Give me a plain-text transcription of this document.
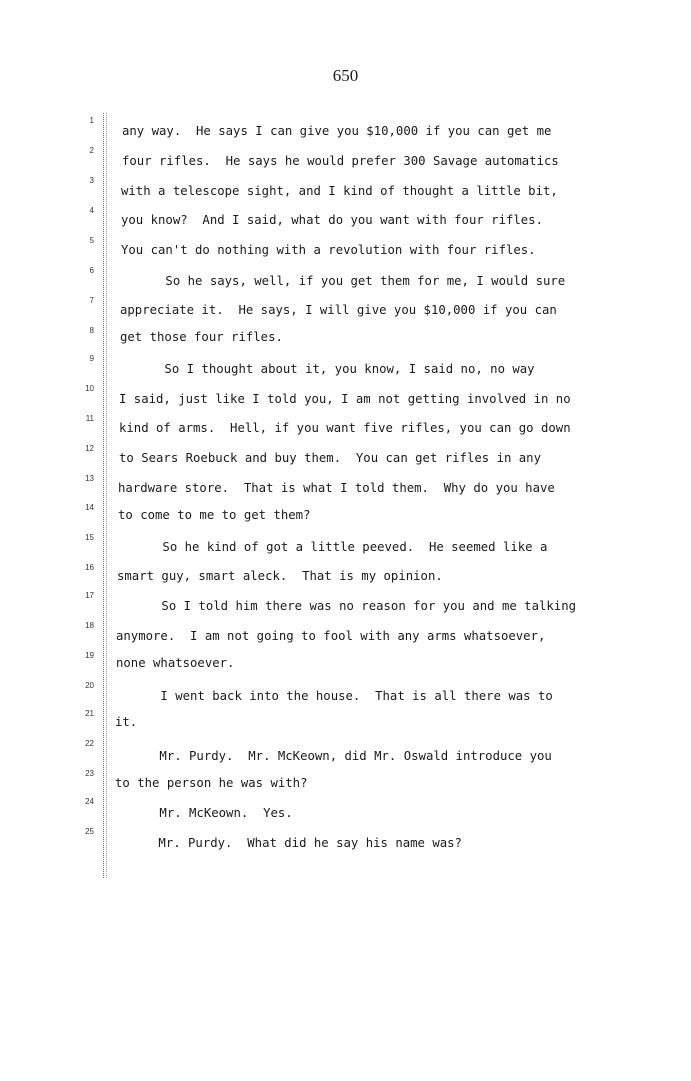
650
1
2
3
4
5
6
7
8
9
10
11
12
13
14
15
16
17
18
19
20
21
22
23
24
25
any way.  He says I can give you $10,000 if you can get me
four rifles.  He says he would prefer 300 Savage automatics
with a telescope sight, and I kind of thought a little bit,
you know?  And I said, what do you want with four rifles.
You can't do nothing with a revolution with four rifles.
So he says, well, if you get them for me, I would sure
appreciate it.  He says, I will give you $10,000 if you can
get those four rifles.
So I thought about it, you know, I said no, no way
I said, just like I told you, I am not getting involved in no
kind of arms.  Hell, if you want five rifles, you can go down
to Sears Roebuck and buy them.  You can get rifles in any
hardware store.  That is what I told them.  Why do you have
to come to me to get them?
So he kind of got a little peeved.  He seemed like a
smart guy, smart aleck.  That is my opinion.
So I told him there was no reason for you and me talking
anymore.  I am not going to fool with any arms whatsoever,
none whatsoever.
I went back into the house.  That is all there was to
it.
Mr. Purdy.  Mr. McKeown, did Mr. Oswald introduce you
to the person he was with?
Mr. McKeown.  Yes.
Mr. Purdy.  What did he say his name was?
